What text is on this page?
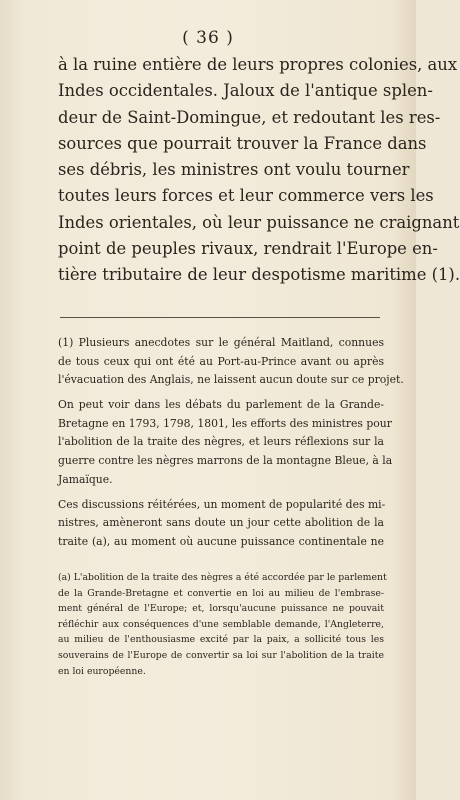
( 36 )
à la ruine entière de leurs propres colonies, aux
Indes occidentales. Jaloux de l'antique splen-
deur de Saint-Domingue, et redoutant les res-
sources que pourrait trouver la France dans
ses débris, les ministres ont voulu tourner
toutes leurs forces et leur commerce vers les
Indes orientales, où leur puissance ne craignant
point de peuples rivaux, rendrait l'Europe en-
tière tributaire de leur despotisme maritime (1).
(1) Plusieurs anecdotes sur le général Maitland, connues
de tous ceux qui ont été au Port-au-Prince avant ou après
l'évacuation des Anglais, ne laissent aucun doute sur ce projet.
On peut voir dans les débats du parlement de la Grande-
Bretagne en 1793, 1798, 1801, les efforts des ministres pour
l'abolition de la traite des nègres, et leurs réflexions sur la
guerre contre les nègres marrons de la montagne Bleue, à la
Jamaïque.
Ces discussions réitérées, un moment de popularité des mi-
nistres, amèneront sans doute un jour cette abolition de la
traite (a), au moment où aucune puissance continentale ne
(a) L'abolition de la traite des nègres a été accordée par le parlement
de la Grande-Bretagne et convertie en loi au milieu de l'embrase-
ment général de l'Europe; et, lorsqu'aucune puissance ne pouvait
réfléchir aux conséquences d'une semblable demande, l'Angleterre,
au milieu de l'enthousiasme excité par la paix, a sollicité tous les
souverains de l'Europe de convertir sa loi sur l'abolition de la traite
en loi européenne.
